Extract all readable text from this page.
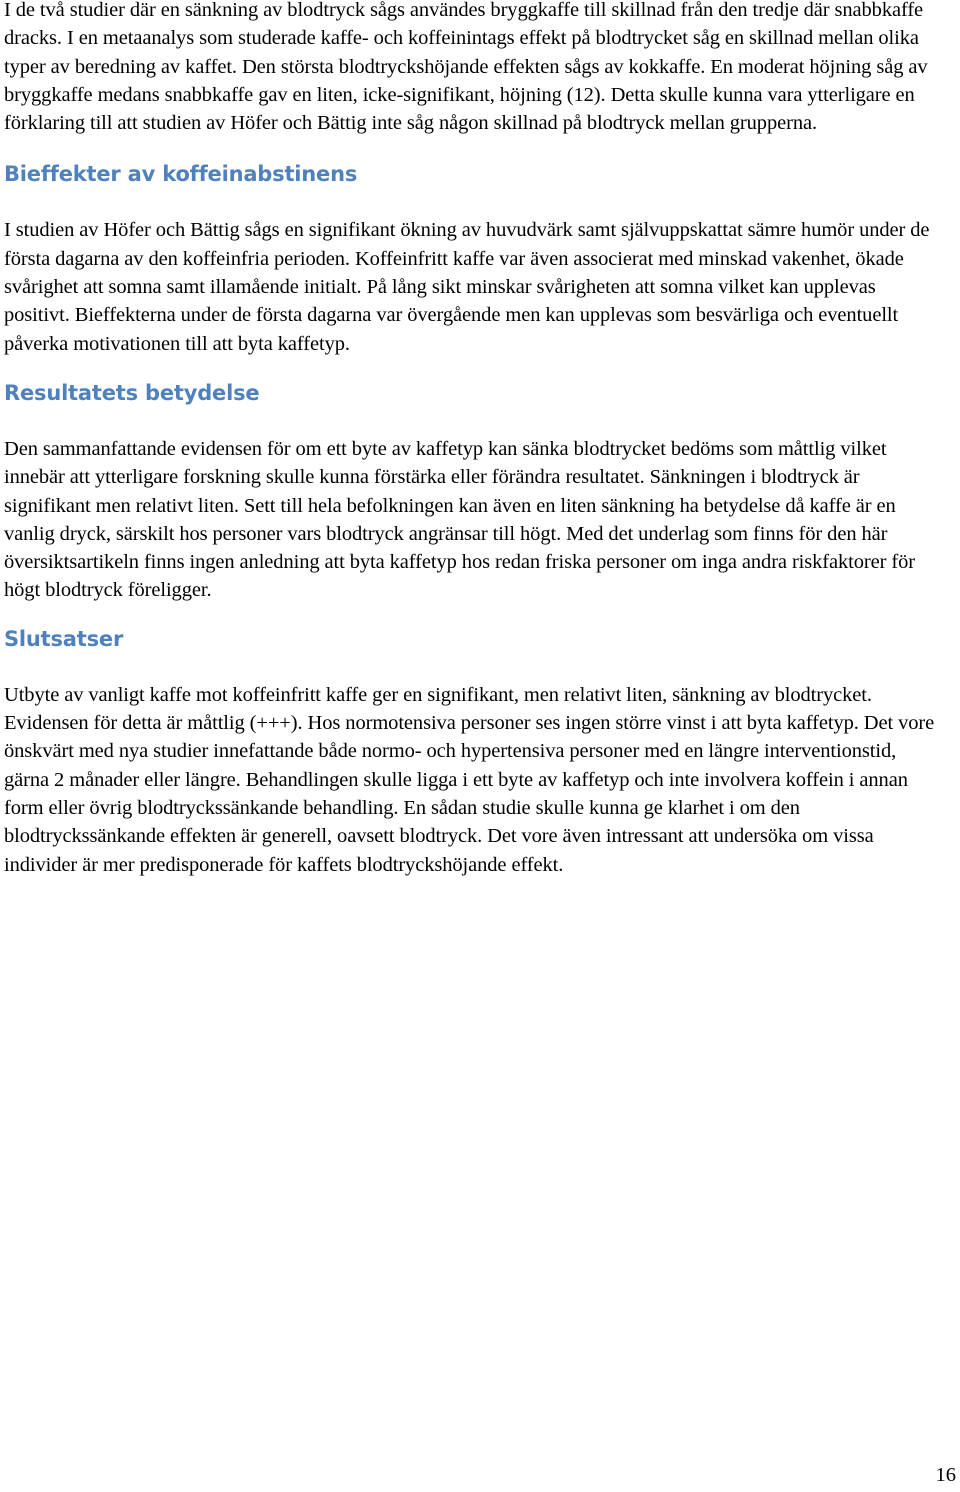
I de två studier där en sänkning av blodtryck sågs användes bryggkaffe till skillnad från den tredje där snabbkaffe dracks. I en metaanalys som studerade kaffe- och koffeinintags effekt på blodtrycket såg en skillnad mellan olika typer av beredning av kaffet. Den största blodtryckshöjande effekten sågs av kokkaffe. En moderat höjning såg av bryggkaffe medans snabbkaffe gav en liten, icke-signifikant, höjning (12). Detta skulle kunna vara ytterligare en förklaring till att studien av Höfer och Bättig inte såg någon skillnad på blodtryck mellan grupperna.

Bieffekter av koffeinabstinens

I studien av Höfer och Bättig sågs en signifikant ökning av huvudvärk samt självuppskattat sämre humör under de första dagarna av den koffeinfria perioden. Koffeinfritt kaffe var även associerat med minskad vakenhet, ökade svårighet att somna samt illamående initialt. På lång sikt minskar svårigheten att somna vilket kan upplevas positivt. Bieffekterna under de första dagarna var övergående men kan upplevas som besvärliga och eventuellt påverka motivationen till att byta kaffetyp.

Resultatets betydelse

Den sammanfattande evidensen för om ett byte av kaffetyp kan sänka blodtrycket bedöms som måttlig vilket innebär att ytterligare forskning skulle kunna förstärka eller förändra resultatet. Sänkningen i blodtryck är signifikant men relativt liten. Sett till hela befolkningen kan även en liten sänkning ha betydelse då kaffe är en vanlig dryck, särskilt hos personer vars blodtryck angränsar till högt. Med det underlag som finns för den här översiktsartikeln finns ingen anledning att byta kaffetyp hos redan friska personer om inga andra riskfaktorer för högt blodtryck föreligger.

Slutsatser

Utbyte av vanligt kaffe mot koffeinfritt kaffe ger en signifikant, men relativt liten, sänkning av blodtrycket. Evidensen för detta är måttlig (+++). Hos normotensiva personer ses ingen större vinst i att byta kaffetyp. Det vore önskvärt med nya studier innefattande både normo- och hypertensiva personer med en längre interventionstid, gärna 2 månader eller längre. Behandlingen skulle ligga i ett byte av kaffetyp och inte involvera koffein i annan form eller övrig blodtryckssänkande behandling. En sådan studie skulle kunna ge klarhet i om den blodtryckssänkande effekten är generell, oavsett blodtryck. Det vore även intressant att undersöka om vissa individer är mer predisponerade för kaffets blodtryckshöjande effekt.

16
